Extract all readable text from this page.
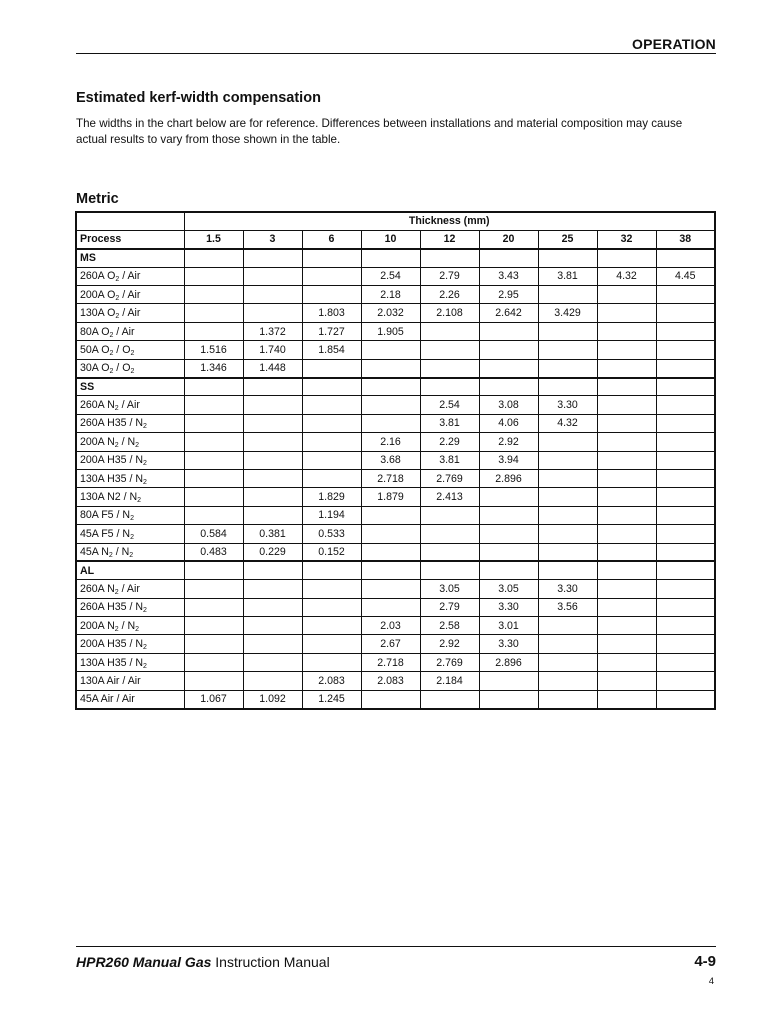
OPERATION
Estimated kerf-width compensation
The widths in the chart below are for reference. Differences between installations and material composition may cause actual results to vary from those shown in the table.
Metric
	Thickness (mm)								
Process	1.5	3	6	10	12	20	25	32	38
MS									
260A $O_2$ / Air				2.54	2.79	3.43	3.81	4.32	4.45
200A $O_2$ / Air				2.18	2.26	2.95			
130A $O_2$ / Air			1.803	2.032	2.108	2.642	3.429		
80A $O_2$ / Air		1.372	1.727	1.905					
50A $O_2 / O_2$	1.516	1.740	1.854						
30A $O_2 / O_2$	1.346	1.448							
SS									
260A $N_2$ / Air					2.54	3.08	3.30		
260A $H35 / N_2$					3.81	4.06	4.32		
200A $N_2 / N_2$				2.16	2.29	2.92			
200A $H35 / N_2$				3.68	3.81	3.94			
130A $H35 / N_2$				2.718	2.769	2.896			
130A $N2 / N_2$			1.829	1.879	2.413				
80A $F5 / N_2$			1.194						
45A $F5 / N_2$	0.584	0.381	0.533						
45A $N_2 / N_2$	0.483	0.229	0.152						
AL									
260A $N_2$ / Air					3.05	3.05	3.30		
260A $H35 / N_2$					2.79	3.30	3.56		
200A $N_2 / N_2$				2.03	2.58	3.01			
200A $H35 / N_2$				2.67	2.92	3.30			
130A $H35 / N_2$				2.718	2.769	2.896			
130A Air / Air			2.083	2.083	2.184				
45A Air / Air	1.067	1.092	1.245						
HPR260 Manual Gas Instruction Manual	4-9
4
